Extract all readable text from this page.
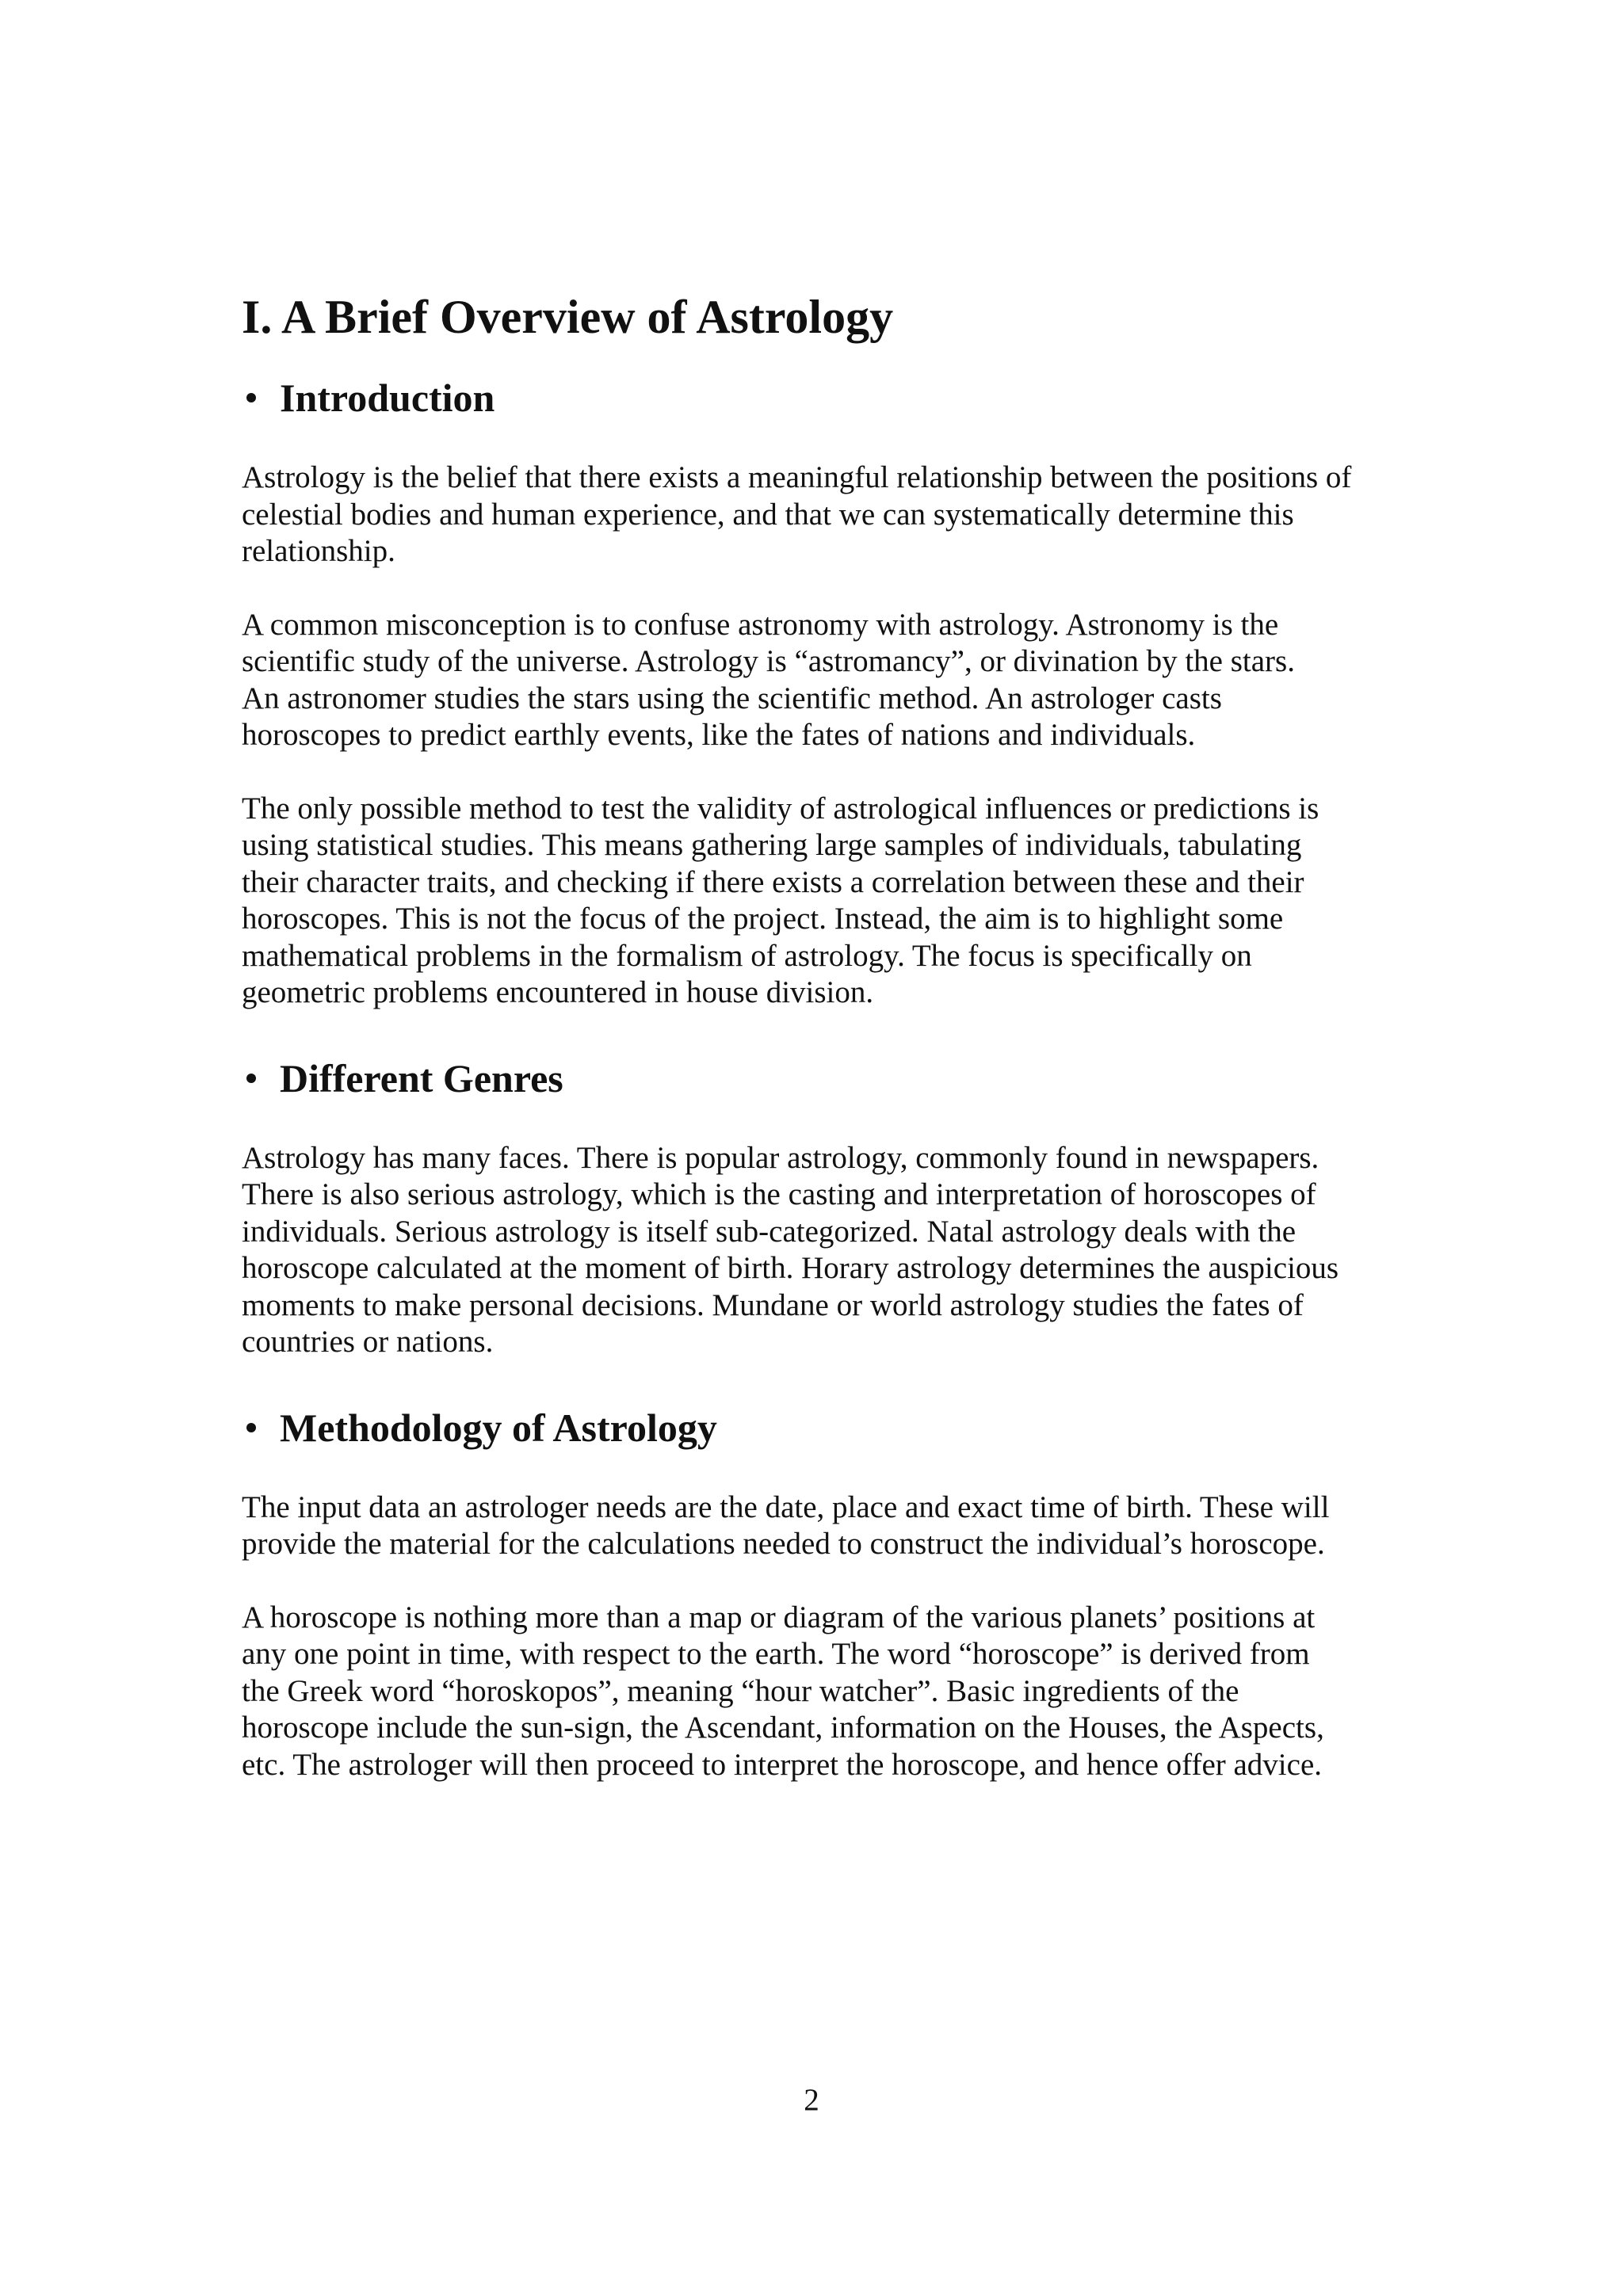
I. A Brief Overview of Astrology
Introduction

Astrology is the belief that there exists a meaningful relationship between the positions of
celestial bodies and human experience, and that we can systematically determine this
relationship.

A common misconception is to confuse astronomy with astrology. Astronomy is the
scientific study of the universe. Astrology is “astromancy”, or divination by the stars.
An astronomer studies the stars using the scientific method. An astrologer casts
horoscopes to predict earthly events, like the fates of nations and individuals.

The only possible method to test the validity of astrological influences or predictions is
using statistical studies. This means gathering large samples of individuals, tabulating
their character traits, and checking if there exists a correlation between these and their
horoscopes. This is not the focus of the project. Instead, the aim is to highlight some
mathematical problems in the formalism of astrology. The focus is specifically on
geometric problems encountered in house division.

Different Genres

Astrology has many faces. There is popular astrology, commonly found in newspapers.
There is also serious astrology, which is the casting and interpretation of horoscopes of
individuals. Serious astrology is itself sub-categorized. Natal astrology deals with the
horoscope calculated at the moment of birth. Horary astrology determines the auspicious
moments to make personal decisions. Mundane or world astrology studies the fates of
countries or nations.

Methodology of Astrology

The input data an astrologer needs are the date, place and exact time of birth. These will
provide the material for the calculations needed to construct the individual’s horoscope.

A horoscope is nothing more than a map or diagram of the various planets’ positions at
any one point in time, with respect to the earth. The word “horoscope” is derived from
the Greek word “horoskopos”, meaning “hour watcher”. Basic ingredients of the
horoscope include the sun-sign, the Ascendant, information on the Houses, the Aspects,
etc. The astrologer will then proceed to interpret the horoscope, and hence offer advice.

2
